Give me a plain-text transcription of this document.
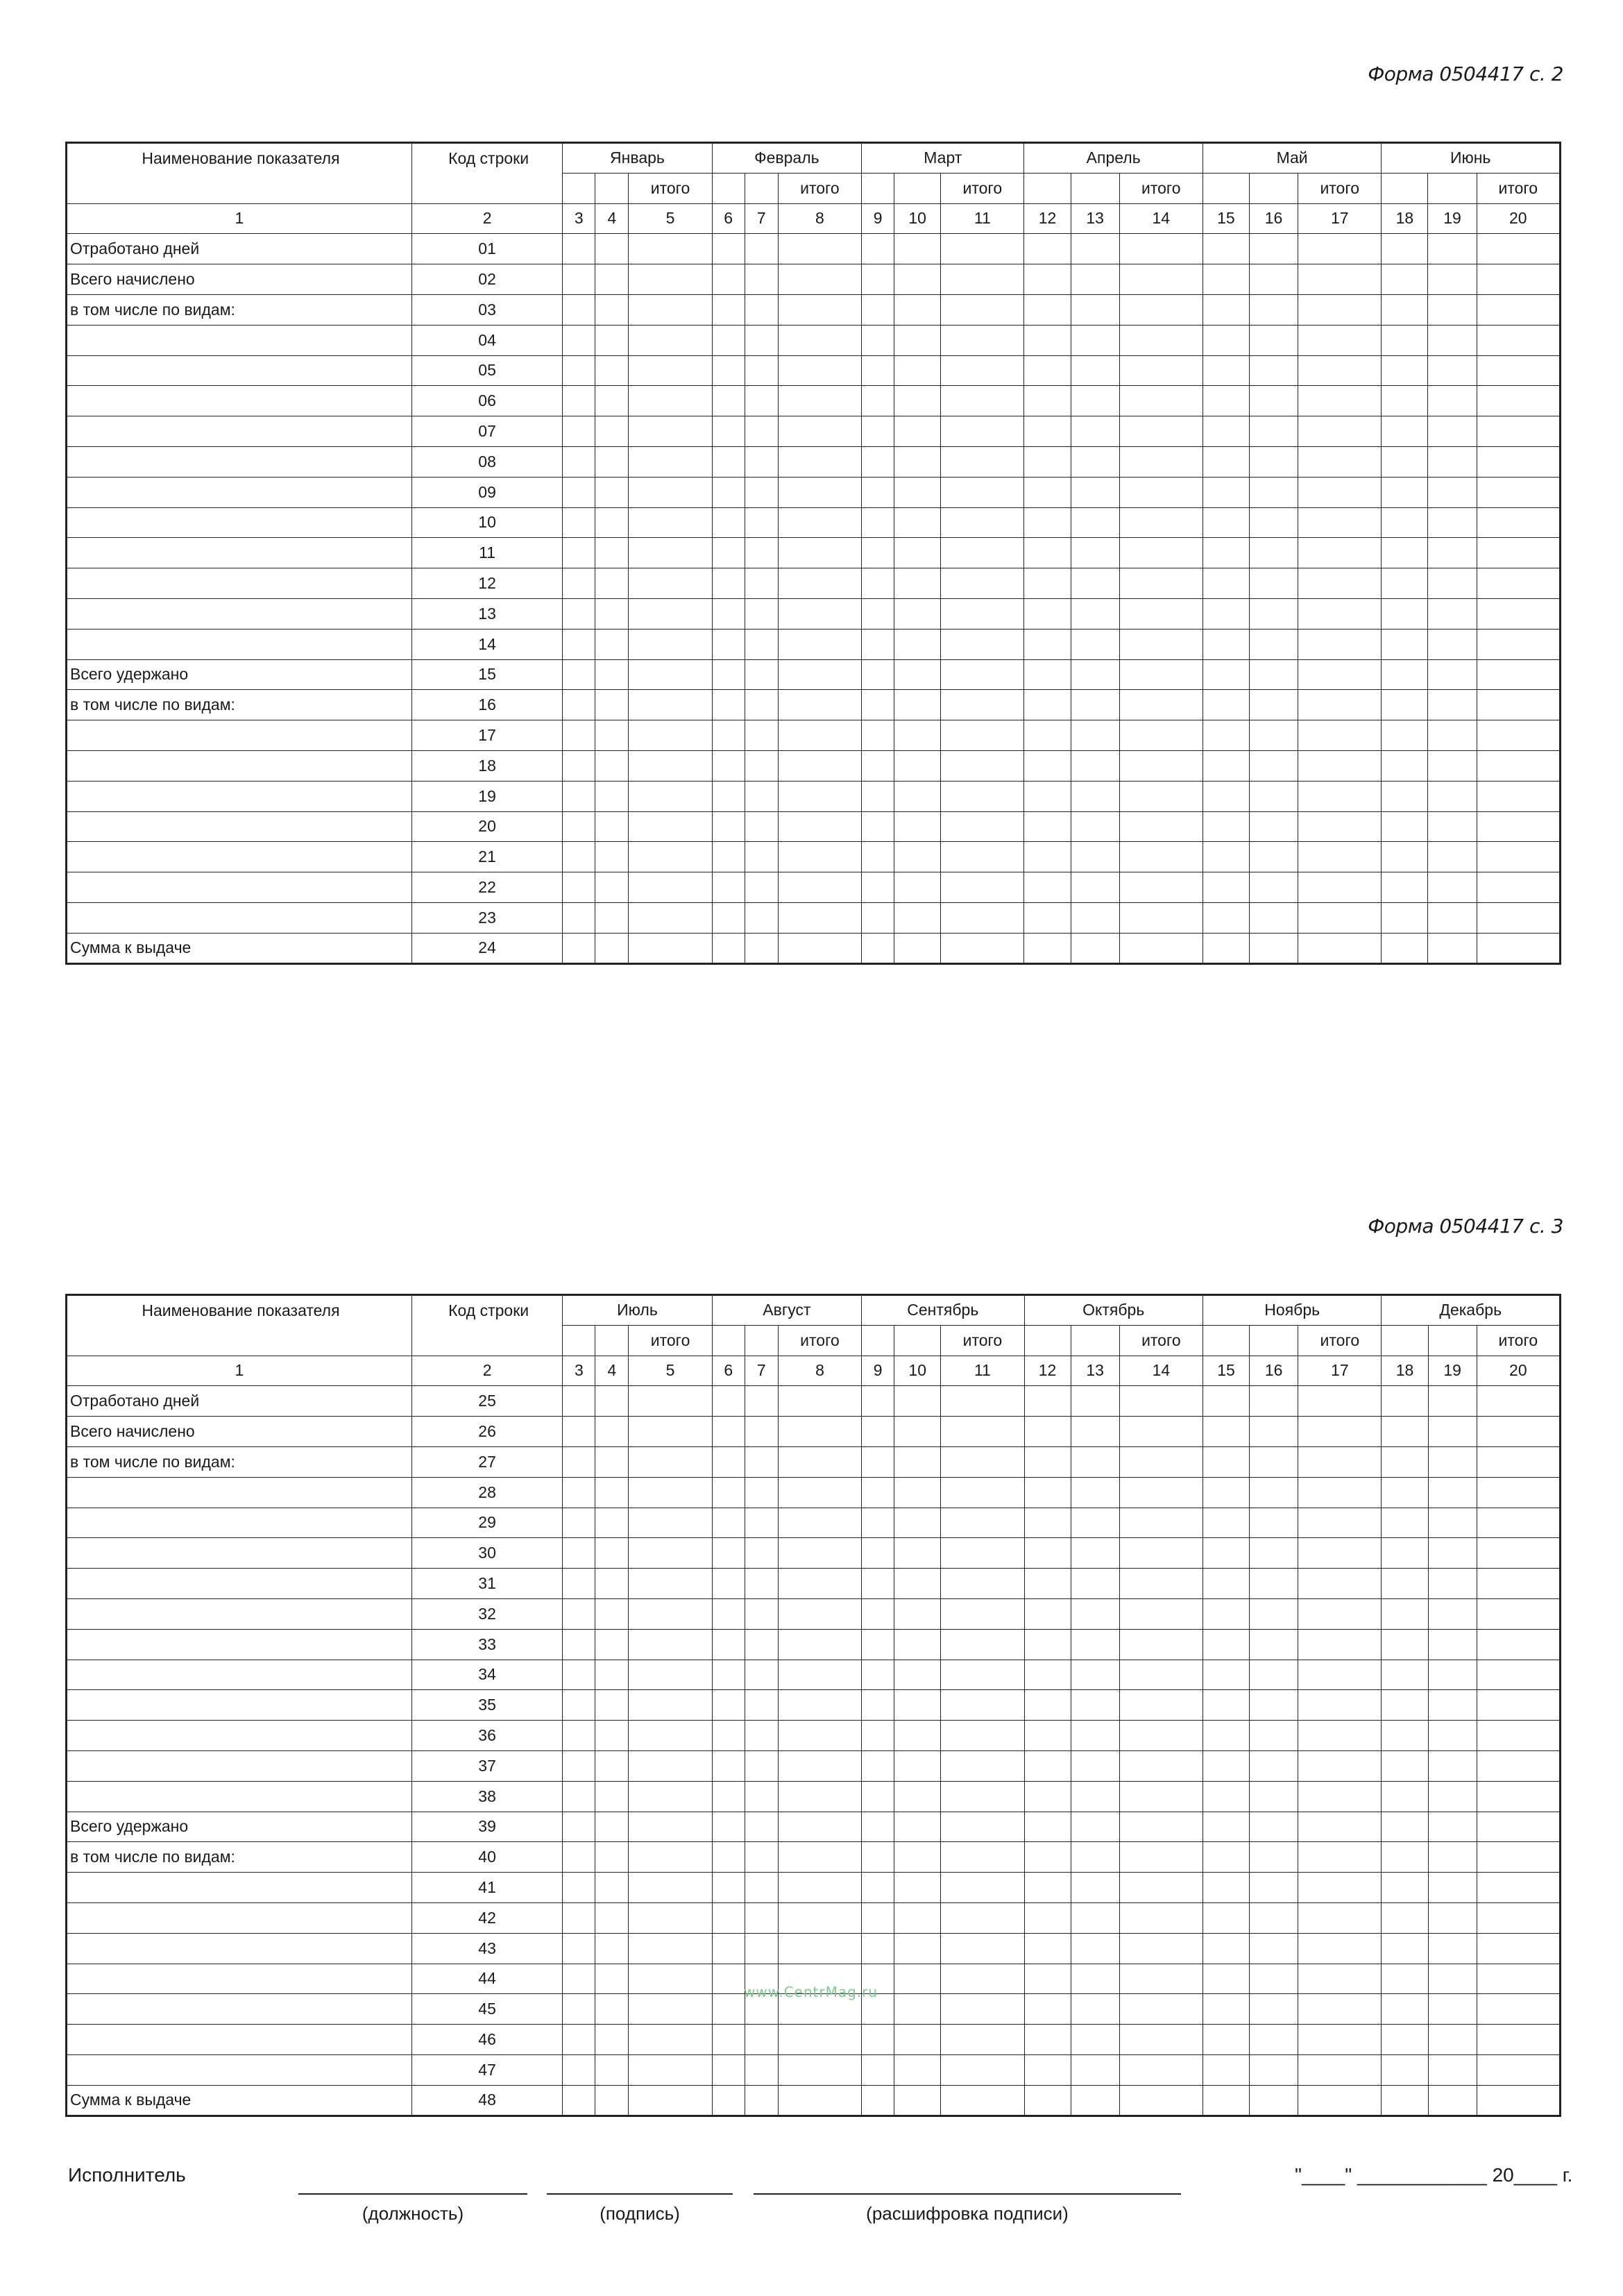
Форма 0504417 с. 2
Наименование показателя	Код строки	Январь			Февраль			Март			Апрель			Май			Июнь		
				итого			итого			итого			итого			итого			итого
1	2	3	4	5	6	7	8	9	10	11	12	13	14	15	16	17	18	19	20
Отработано дней	01																		
Всего начислено	02																		
в том числе по видам:	03																		
	04																		
	05																		
	06																		
	07																		
	08																		
	09																		
	10																		
	11																		
	12																		
	13																		
	14																		
Всего удержано	15																		
в том числе по видам:	16																		
	17																		
	18																		
	19																		
	20																		
	21																		
	22																		
	23																		
Сумма к выдаче	24																		
Форма 0504417 с. 3
Наименование показателя	Код строки	Июль			Август			Сентябрь			Октябрь			Ноябрь			Декабрь		
				итого			итого			итого			итого			итого			итого
1	2	3	4	5	6	7	8	9	10	11	12	13	14	15	16	17	18	19	20
Отработано дней	25																		
Всего начислено	26																		
в том числе по видам:	27																		
	28																		
	29																		
	30																		
	31																		
	32																		
	33																		
	34																		
	35																		
	36																		
	37																		
	38																		
Всего удержано	39																		
в том числе по видам:	40																		
	41																		
	42																		
	43																		
	44																		
	45																		
	46																		
	47																		
Сумма к выдаче	48																		
www.CentrMag.ru
Исполнитель
(должность)	(подпись)	(расшифровка подписи)
"____" ____________ 20____ г.
